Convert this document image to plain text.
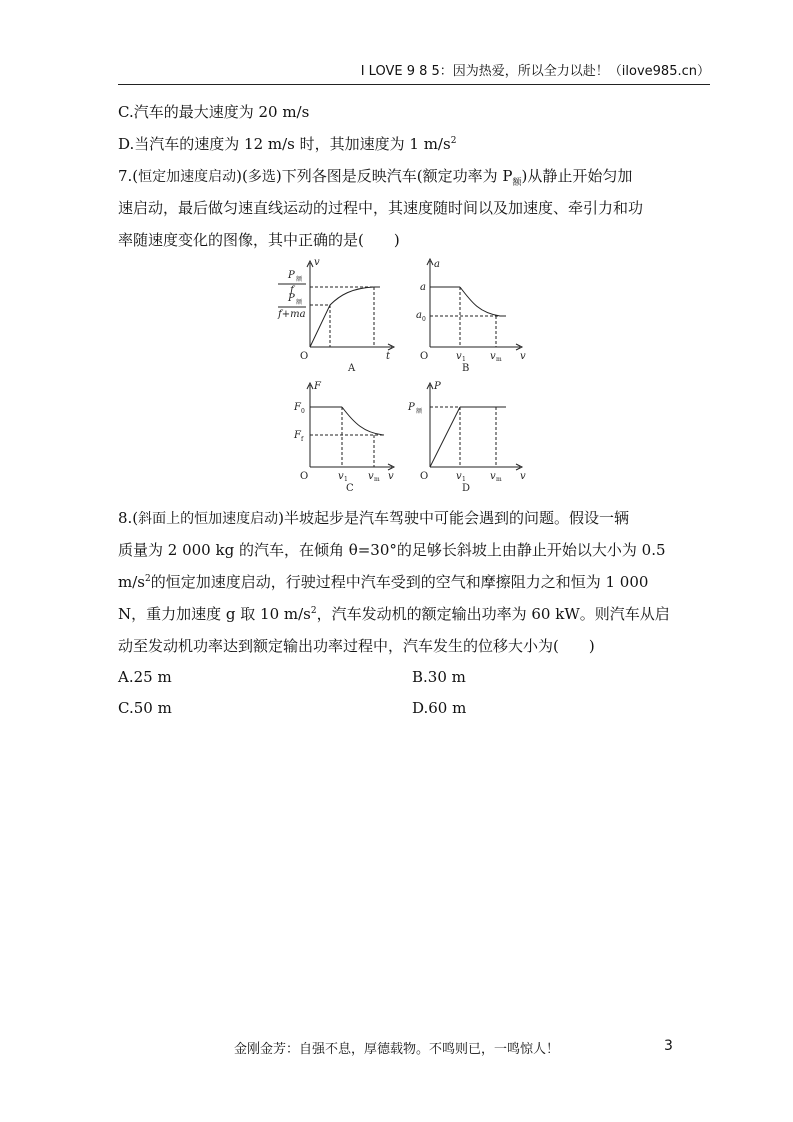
I LOVE 9 8 5：因为热爱，所以全力以赴！（ilove985.cn）
C.汽车的最大速度为 20 m/s
D.当汽车的速度为 12 m/s 时，其加速度为 1 $m/s^2$
7.(恒定加速度启动)(多选)下列各图是反映汽车(额定功率为 $P_额$)从静止开始匀加
速启动，最后做匀速直线运动的过程中，其速度随时间以及加速度、牵引力和功
率随速度变化的图像，其中正确的是(　　)
v
t
O
P 额
f
P 额
f+ma
A
a
v
O
a
a 0
v 1 v m
B
F
v
O
F 0
F f
v 1 v m
C
P
v
O
P 额
v 1 v m
D
8.(斜面上的恒加速度启动)半坡起步是汽车驾驶中可能会遇到的问题。假设一辆
质量为 2 000 kg 的汽车，在倾角 θ=30°的足够长斜坡上由静止开始以大小为 0.5
$m/s^2$的恒定加速度启动，行驶过程中汽车受到的空气和摩擦阻力之和恒为 1 000
N，重力加速度 g 取 10 $m/s^2$，汽车发动机的额定输出功率为 60 kW。则汽车从启
动至发动机功率达到额定输出功率过程中，汽车发生的位移大小为(　　)
A.25 m	B.30 m
C.50 m	D.60 m
金刚金芳：自强不息，厚德载物。不鸣则已，一鸣惊人！	3
